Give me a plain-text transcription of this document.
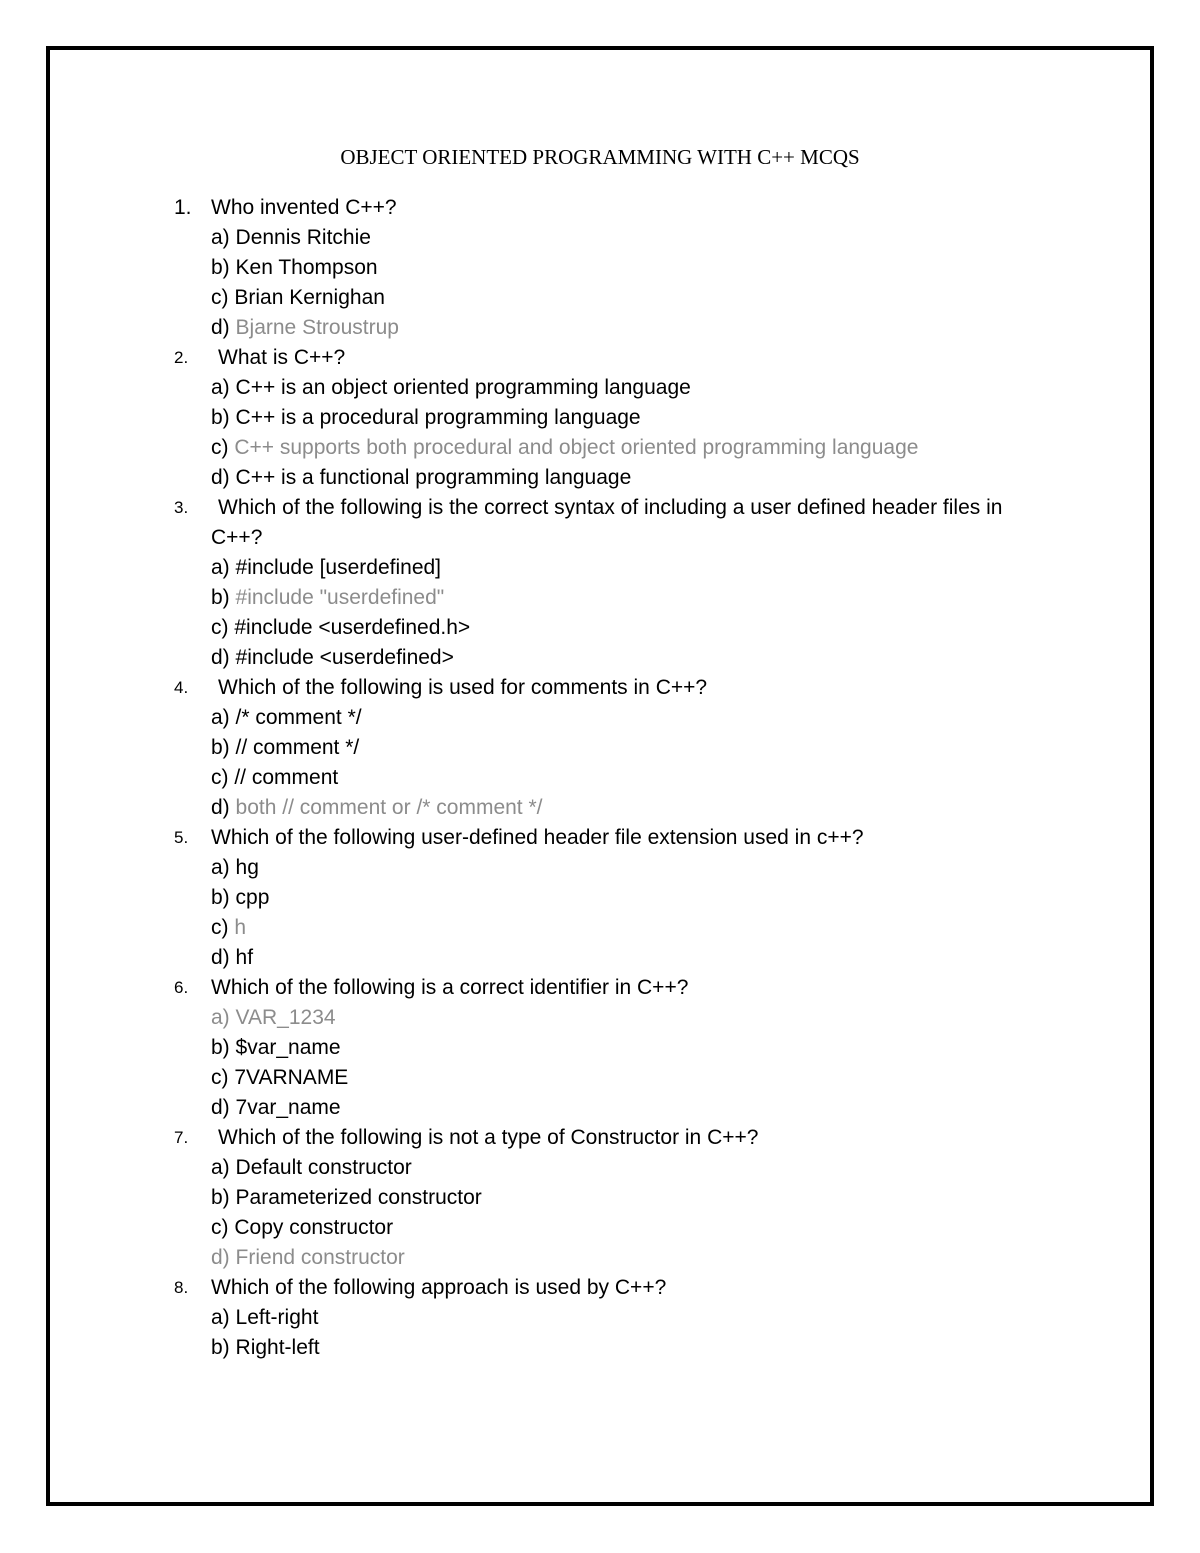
OBJECT ORIENTED PROGRAMMING WITH C++ MCQS
1. Who invented C++?
a) Dennis Ritchie
b) Ken Thompson
c) Brian Kernighan
d) Bjarne Stroustrup
2. What is C++?
a) C++ is an object oriented programming language
b) C++ is a procedural programming language
c) C++ supports both procedural and object oriented programming language
d) C++ is a functional programming language
3.	Which of the following is the correct syntax of including a user defined header files in C++?
a) #include [userdefined]
b) #include "userdefined"
c) #include <userdefined.h>
d) #include <userdefined>
4. Which of the following is used for comments in C++?
a) /* comment */
b) // comment */
c) // comment
d) both // comment or /* comment */
5. Which of the following user-defined header file extension used in c++?
a) hg
b) cpp
c) h
d) hf
6. Which of the following is a correct identifier in C++?
a) VAR_1234
b) $var_name
c) 7VARNAME
d) 7var_name
7. Which of the following is not a type of Constructor in C++?
a) Default constructor
b) Parameterized constructor
c) Copy constructor
d) Friend constructor
8. Which of the following approach is used by C++?
a) Left-right
b) Right-left
